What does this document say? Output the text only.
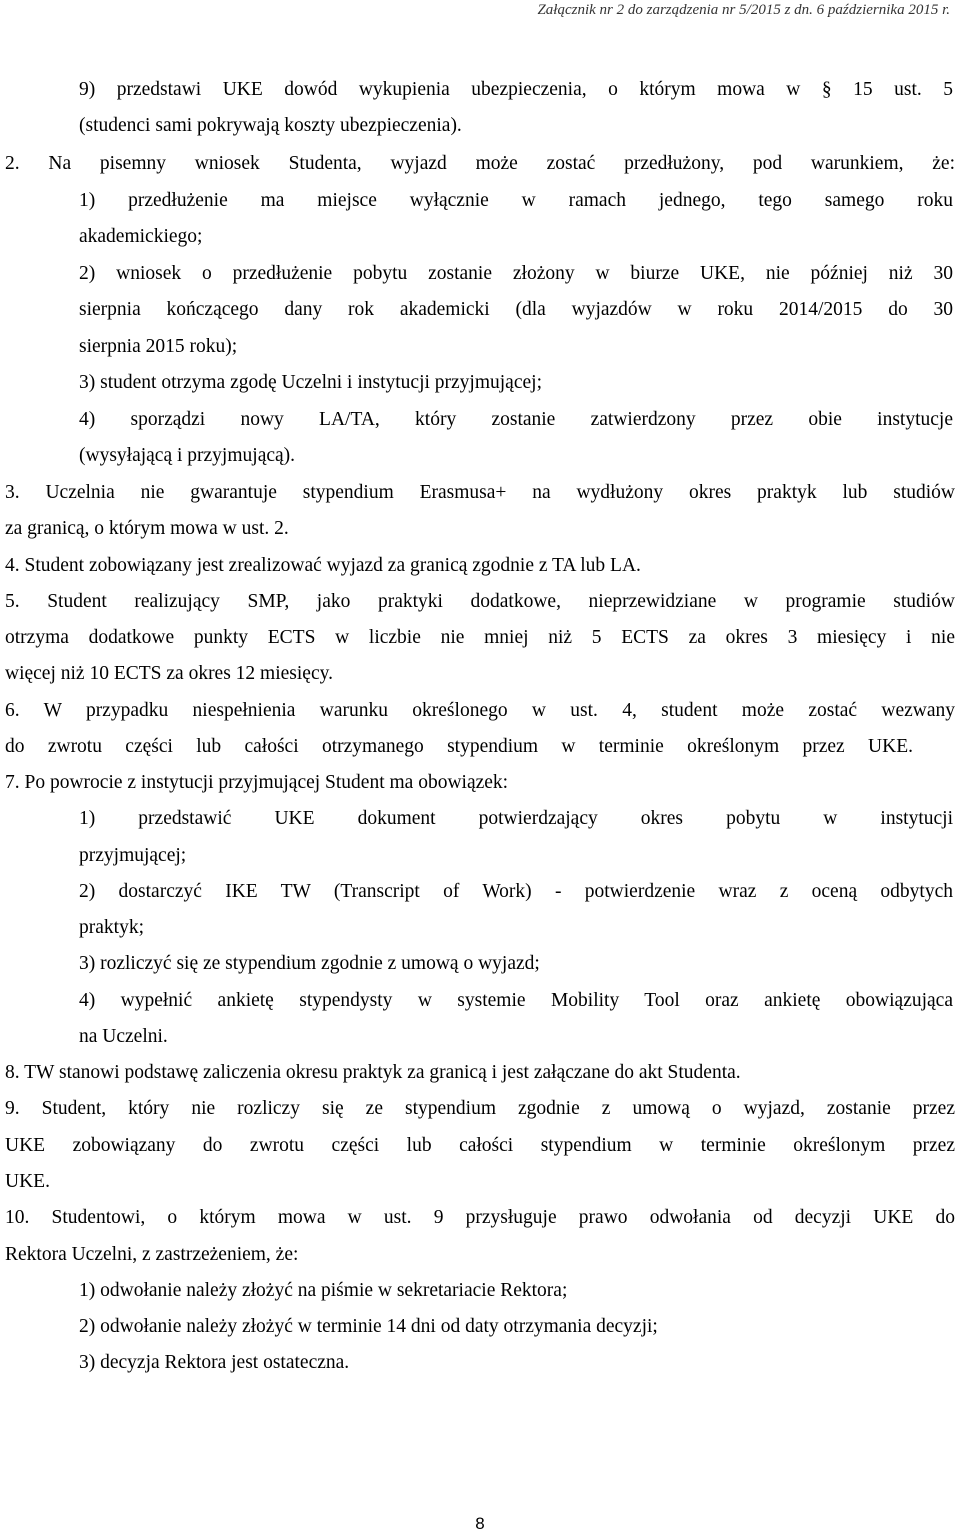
Załącznik nr 2 do zarządzenia nr 5/2015 z dn. 6 października 2015 r.
9) przedstawi UKE dowód wykupienia ubezpieczenia, o którym mowa w § 15 ust. 5
(studenci sami pokrywają koszty ubezpieczenia).
2. Na pisemny wniosek Studenta, wyjazd może zostać przedłużony, pod warunkiem, że:
1) przedłużenie ma miejsce wyłącznie w ramach jednego, tego samego roku
akademickiego;
2) wniosek o przedłużenie pobytu zostanie złożony w biurze UKE, nie później niż 30
sierpnia kończącego dany rok akademicki (dla wyjazdów w roku 2014/2015 do 30
sierpnia 2015 roku);
3) student otrzyma zgodę Uczelni i instytucji przyjmującej;
4) sporządzi nowy LA/TA, który zostanie zatwierdzony przez obie instytucje
(wysyłającą i przyjmującą).
3. Uczelnia nie gwarantuje stypendium Erasmusa+ na wydłużony okres praktyk lub studiów
za granicą, o którym mowa w ust. 2.
4. Student zobowiązany jest zrealizować wyjazd za granicą zgodnie z TA lub LA.
5. Student realizujący SMP, jako praktyki dodatkowe, nieprzewidziane w programie studiów
otrzyma dodatkowe punkty ECTS w liczbie nie mniej niż 5 ECTS za okres 3 miesięcy i nie
więcej niż 10 ECTS za okres 12 miesięcy.
6. W przypadku niespełnienia warunku określonego w ust. 4, student może zostać wezwany
do zwrotu części lub całości otrzymanego stypendium w terminie określonym przez UKE.
7. Po powrocie z instytucji przyjmującej Student ma obowiązek:
1) przedstawić UKE dokument potwierdzający okres pobytu w instytucji
przyjmującej;
2) dostarczyć IKE TW (Transcript of Work) - potwierdzenie wraz z oceną odbytych
praktyk;
3) rozliczyć się ze stypendium zgodnie z umową o wyjazd;
4) wypełnić ankietę stypendysty w systemie Mobility Tool oraz ankietę obowiązująca
na Uczelni.
8. TW stanowi podstawę zaliczenia okresu praktyk za granicą i jest załączane do akt Studenta.
9. Student, który nie rozliczy się ze stypendium zgodnie z umową o wyjazd, zostanie przez
UKE zobowiązany do zwrotu części lub całości stypendium w terminie określonym przez
UKE.
10. Studentowi, o którym mowa w ust. 9 przysługuje prawo odwołania od decyzji UKE do
Rektora Uczelni, z zastrzeżeniem, że:
1) odwołanie należy złożyć na piśmie w sekretariacie Rektora;
2) odwołanie należy złożyć w terminie 14 dni od daty otrzymania decyzji;
3) decyzja Rektora jest ostateczna.
8
